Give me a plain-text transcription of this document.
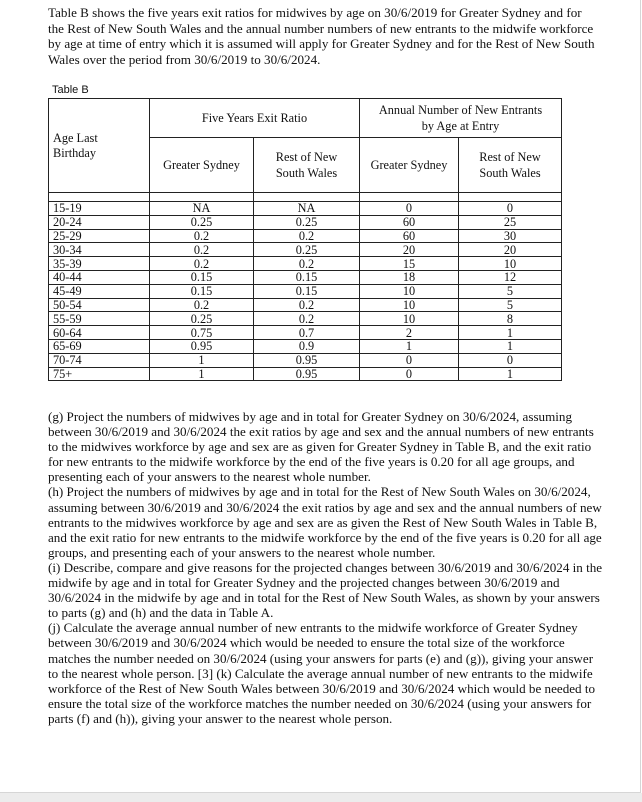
Table B shows the five years exit ratios for midwives by age on 30/6/2019 for Greater Sydney and for the Rest of New South Wales and the annual number numbers of new entrants to the midwife workforce by age at time of entry which it is assumed will apply for Greater Sydney and for the Rest of New South Wales over the period from 30/6/2019 to 30/6/2024.
Table B
Age Last
Birthday	Five Years Exit Ratio		Annual Number of New Entrants
by Age at Entry	
	Greater Sydney	Rest of New
South Wales	Greater Sydney	Rest of New
South Wales

15-19	NA	NA	0	0
20-24	0.25	0.25	60	25
25-29	0.2	0.2	60	30
30-34	0.2	0.25	20	20
35-39	0.2	0.2	15	10
40-44	0.15	0.15	18	12
45-49	0.15	0.15	10	5
50-54	0.2	0.2	10	5
55-59	0.25	0.2	10	8
60-64	0.75	0.7	2	1
65-69	0.95	0.9	1	1
70-74	1	0.95	0	0
75+	1	0.95	0	1

(g) Project the numbers of midwives by age and in total for Greater Sydney on 30/6/2024, assuming between 30/6/2019 and 30/6/2024 the exit ratios by age and sex and the annual numbers of new entrants to the midwives workforce by age and sex are as given for Greater Sydney in Table B, and the exit ratio for new entrants to the midwife workforce by the end of the five years is 0.20 for all age groups, and presenting each of your answers to the nearest whole number.

(h) Project the numbers of midwives by age and in total for the Rest of New South Wales on 30/6/2024, assuming between 30/6/2019 and 30/6/2024 the exit ratios by age and sex and the annual numbers of new entrants to the midwives workforce by age and sex are as given the Rest of New South Wales in Table B, and the exit ratio for new entrants to the midwife workforce by the end of the five years is 0.20 for all age groups, and presenting each of your answers to the nearest whole number.

(i) Describe, compare and give reasons for the projected changes between 30/6/2019 and 30/6/2024 in the midwife by age and in total for Greater Sydney and the projected changes between 30/6/2019 and 30/6/2024 in the midwife by age and in total for the Rest of New South Wales, as shown by your answers to parts (g) and (h) and the data in Table A.

(j) Calculate the average annual number of new entrants to the midwife workforce of Greater Sydney between 30/6/2019 and 30/6/2024 which would be needed to ensure the total size of the workforce matches the number needed on 30/6/2024 (using your answers for parts (e) and (g)), giving your answer to the nearest whole person. [3] (k) Calculate the average annual number of new entrants to the midwife workforce of the Rest of New South Wales between 30/6/2019 and 30/6/2024 which would be needed to ensure the total size of the workforce matches the number needed on 30/6/2024 (using your answers for parts (f) and (h)), giving your answer to the nearest whole person.
